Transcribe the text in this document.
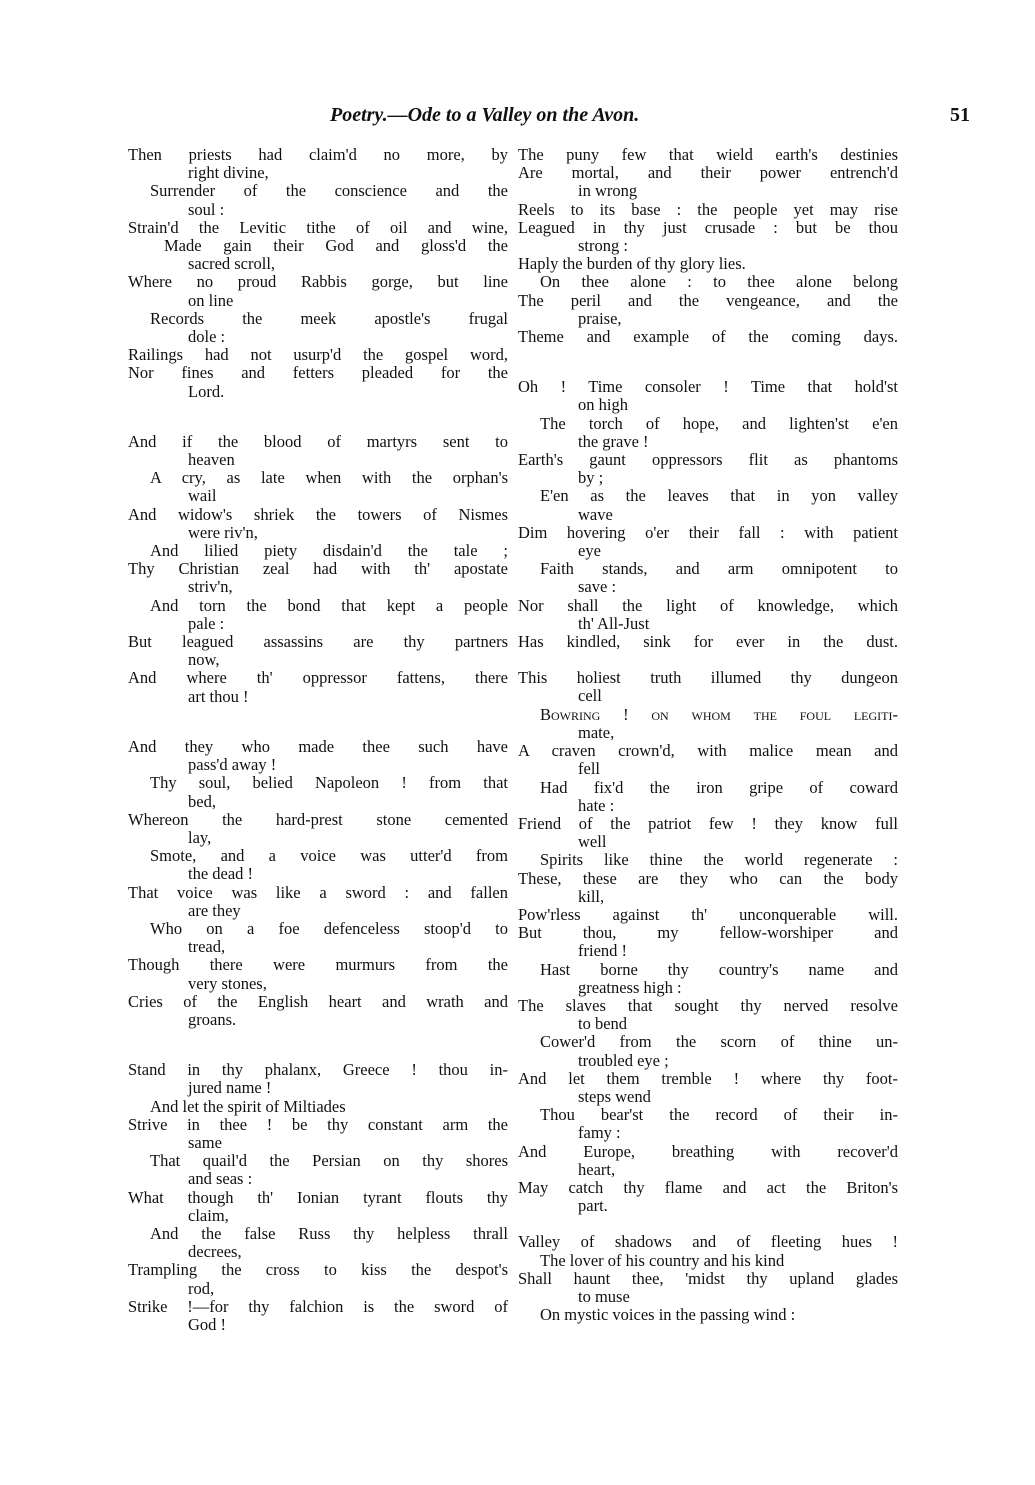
Poetry.—Ode to a Valley on the Avon.	51
Then priests had claim'd no more, by
right divine,
Surrender of the conscience and the
soul :
Strain'd the Levitic tithe of oil and wine,
Made gain their God and gloss'd the
sacred scroll,
Where no proud Rabbis gorge, but line
on line
Records the meek apostle's frugal
dole :
Railings had not usurp'd the gospel word,
Nor fines and fetters pleaded for the
Lord.
And if the blood of martyrs sent to
heaven
A cry, as late when with the orphan's
wail
And widow's shriek the towers of Nismes
were riv'n,
And lilied piety disdain'd the tale ;
Thy Christian zeal had with th' apostate
striv'n,
And torn the bond that kept a people
pale :
But leagued assassins are thy partners
now,
And where th' oppressor fattens, there
art thou !
And they who made thee such have
pass'd away !
Thy soul, belied Napoleon ! from that
bed,
Whereon the hard-prest stone cemented
lay,
Smote, and a voice was utter'd from
the dead !
That voice was like a sword : and fallen
are they
Who on a foe defenceless stoop'd to
tread,
Though there were murmurs from the
very stones,
Cries of the English heart and wrath and
groans.
Stand in thy phalanx, Greece ! thou in-
jured name !
And let the spirit of Miltiades
Strive in thee ! be thy constant arm the
same
That quail'd the Persian on thy shores
and seas :
What though th' Ionian tyrant flouts thy
claim,
And the false Russ thy helpless thrall
decrees,
Trampling the cross to kiss the despot's
rod,
Strike !—for thy falchion is the sword of
God !
The puny few that wield earth's destinies
Are mortal, and their power entrench'd
in wrong
Reels to its base : the people yet may rise
Leagued in thy just crusade : but be thou
strong :
Haply the burden of thy glory lies.
On thee alone : to thee alone belong
The peril and the vengeance, and the
praise,
Theme and example of the coming days.
Oh ! Time consoler ! Time that hold'st
on high
The torch of hope, and lighten'st e'en
the grave !
Earth's gaunt oppressors flit as phantoms
by ;
E'en as the leaves that in yon valley
wave
Dim hovering o'er their fall : with patient
eye
Faith stands, and arm omnipotent to
save :
Nor shall the light of knowledge, which
th' All-Just
Has kindled, sink for ever in the dust.
This holiest truth illumed thy dungeon
cell
Bowring ! on whom the foul legiti-
mate,
A craven crown'd, with malice mean and
fell
Had fix'd the iron gripe of coward
hate :
Friend of the patriot few ! they know full
well
Spirits like thine the world regenerate :
These, these are they who can the body
kill,
Pow'rless against th' unconquerable will.
But thou, my fellow-worshiper and
friend !
Hast borne thy country's name and
greatness high :
The slaves that sought thy nerved resolve
to bend
Cower'd from the scorn of thine un-
troubled eye ;
And let them tremble ! where thy foot-
steps wend
Thou bear'st the record of their in-
famy :
And Europe, breathing with recover'd
heart,
May catch thy flame and act the Briton's
part.
Valley of shadows and of fleeting hues !
The lover of his country and his kind
Shall haunt thee, 'midst thy upland glades
to muse
On mystic voices in the passing wind :
